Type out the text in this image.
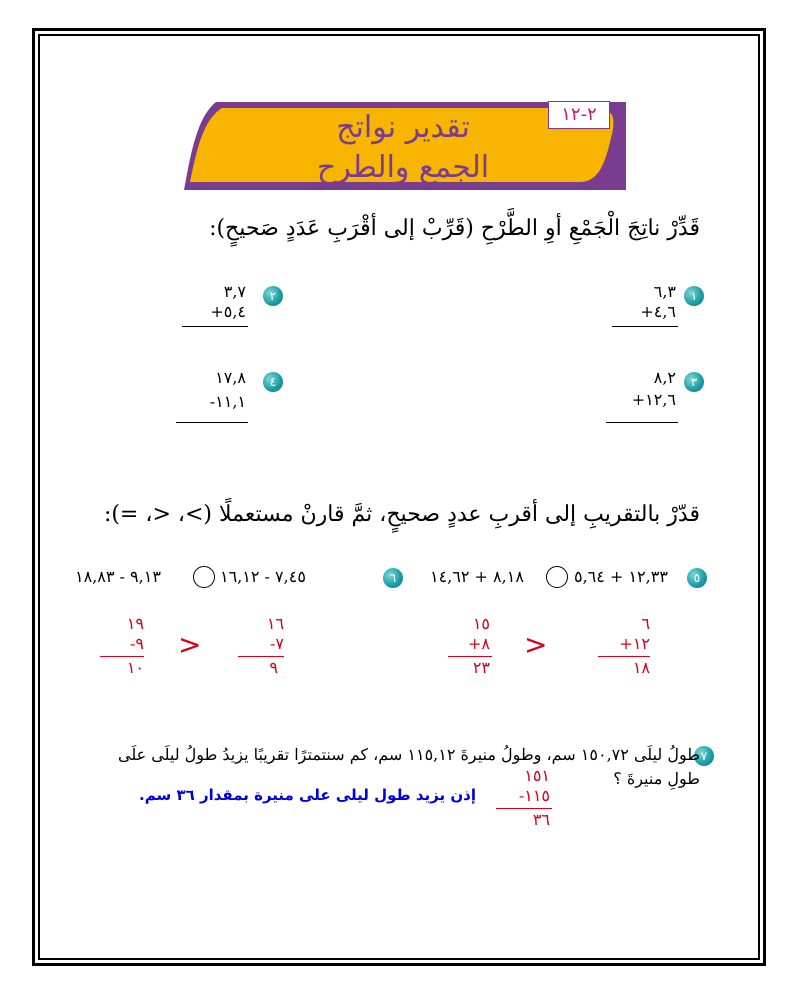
تقدير نواتج
الجمع والطرح
٢-١٢
قَدِّرْ ناتِجَ الْجَمْعِ أوِ الطَّرْحِ (قَرِّبْ إلى أقْرَبِ عَدَدٍ صَحيحٍ):
١
٦,٣
+٤,٦
٢
٣,٧
+٥,٤
٣
٨,٢
+١٢,٦
٤
١٧,٨
-١١,١
قدّرْ بالتقريبِ إلى أقربِ عددٍ صحيحٍ، ثمَّ قارنْ مستعملًا (>، <، =):
٥
١٢,٣٣ + ٥,٦٤
٨,١٨ + ١٤,٦٢
٦
٧,٤٥ - ١٦,١٢
٩,١٣ - ١٨,٨٣
٦
+١٢
١٨
>
١٥
+٨
٢٣
١٦
-٧
٩
>
١٩
-٩
١٠
٧
طولُ ليلَى ١٥٠,٧٢ سم، وطولُ منيرةَ ١١٥,١٢ سم، كم سنتمترًا تقريبًا يزيدُ طولُ ليلَى علَى
طولِ منيرةَ ؟
١٥١
-١١٥
٣٦
إذن يزيد طول ليلى على منيرة بمقدار ٣٦ سم.
